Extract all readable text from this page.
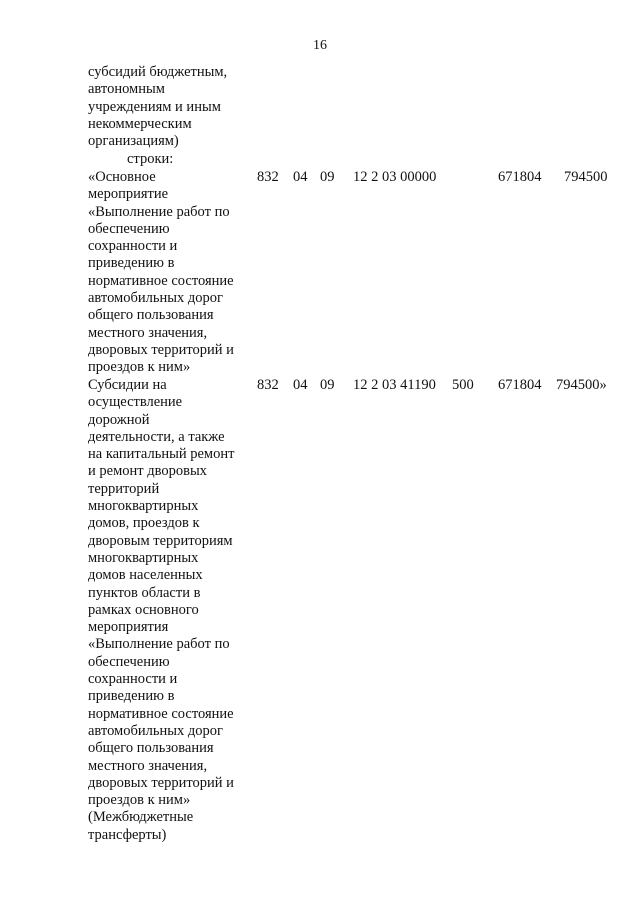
16
субсидий бюджетным,
автономным
учреждениям и иным
некоммерческим
организациям)
строки:
«Основное
мероприятие
«Выполнение работ по
обеспечению
сохранности и
приведению в
нормативное состояние
автомобильных дорог
общего пользования
местного значения,
дворовых территорий и
проездов к ним»
832 04 09 12 2 03 00000	671804 794500
Субсидии на
осуществление
дорожной
деятельности, а также
на капитальный ремонт
и ремонт дворовых
территорий
многоквартирных
домов, проездов к
дворовым территориям
многоквартирных
домов населенных
пунктов области в
рамках основного
мероприятия
«Выполнение работ по
обеспечению
сохранности и
приведению в
нормативное состояние
автомобильных дорог
общего пользования
местного значения,
дворовых территорий и
проездов к ним»
(Межбюджетные
трансферты)
832 04 09 12 2 03 41190 500 671804 794500»
